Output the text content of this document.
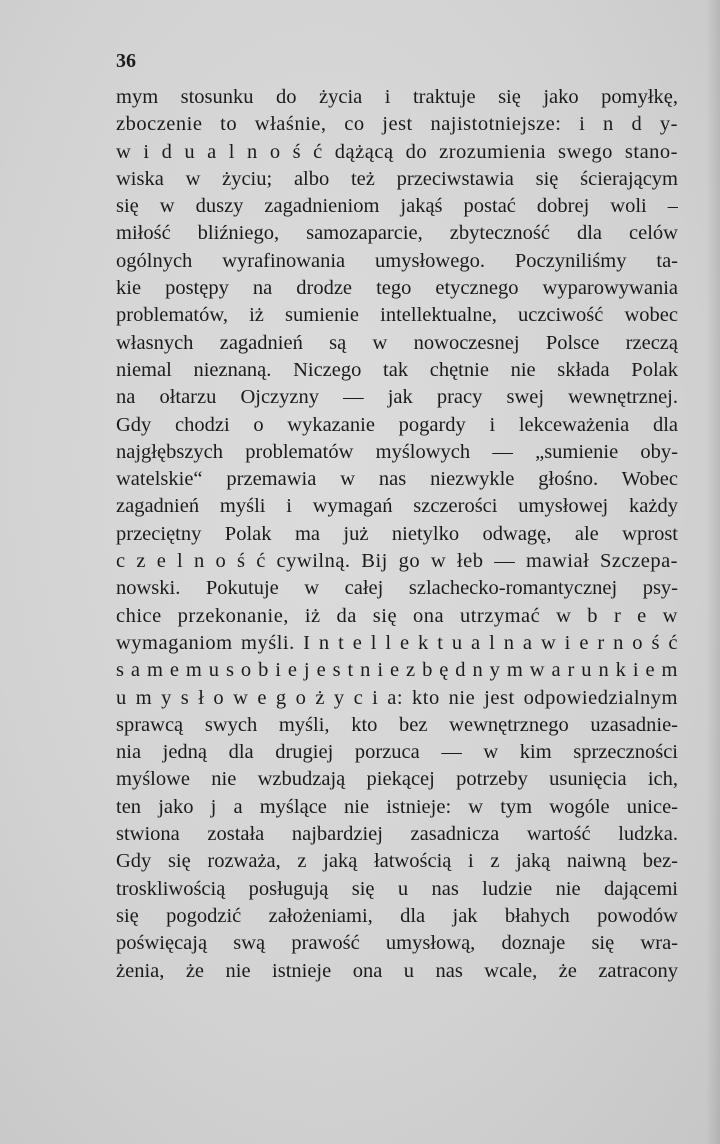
36
mym stosunku do życia i traktuje się jako pomyłkę,
zboczenie to właśnie, co jest najistotniejsze: i n d y-
w i d u a l n o ś ć dążącą do zrozumienia swego stano-
wiska w życiu; albo też przeciwstawia się ścierającym
się w duszy zagadnieniom jakąś postać dobrej woli –
miłość bliźniego, samozaparcie, zbyteczność dla celów
ogólnych wyrafinowania umysłowego. Poczyniliśmy ta-
kie postępy na drodze tego etycznego wyparowywania
problematów, iż sumienie intellektualne, uczciwość wobec
własnych zagadnień są w nowoczesnej Polsce rzeczą
niemal nieznaną. Niczego tak chętnie nie składa Polak
na ołtarzu Ojczyzny — jak pracy swej wewnętrznej.
Gdy chodzi o wykazanie pogardy i lekceważenia dla
najgłębszych problematów myślowych — „sumienie oby-
watelskie“ przemawia w nas niezwykle głośno. Wobec
zagadnień myśli i wymagań szczerości umysłowej każdy
przeciętny Polak ma już nietylko odwagę, ale wprost
c z e l n o ś ć cywilną. Bij go w łeb — mawiał Szczepa-
nowski. Pokutuje w całej szlachecko-romantycznej psy-
chice przekonanie, iż da się ona utrzymać w b r e w
wymaganiom myśli. I n t e l l e k t u a l n a w i e r n o ś ć
s a m e m u s o b i e j e s t n i e z b ę d n y m w a r u n k i e m
u m y s ł o w e g o ż y c i a: kto nie jest odpowiedzialnym
sprawcą swych myśli, kto bez wewnętrznego uzasadnie-
nia jedną dla drugiej porzuca — w kim sprzeczności
myślowe nie wzbudzają piekącej potrzeby usunięcia ich,
ten jako j a myślące nie istnieje: w tym wogóle unice-
stwiona została najbardziej zasadnicza wartość ludzka.
Gdy się rozważa, z jaką łatwością i z jaką naiwną bez-
troskliwością posługują się u nas ludzie nie dającemi
się pogodzić założeniami, dla jak błahych powodów
poświęcają swą prawość umysłową, doznaje się wra-
żenia, że nie istnieje ona u nas wcale, że zatracony
